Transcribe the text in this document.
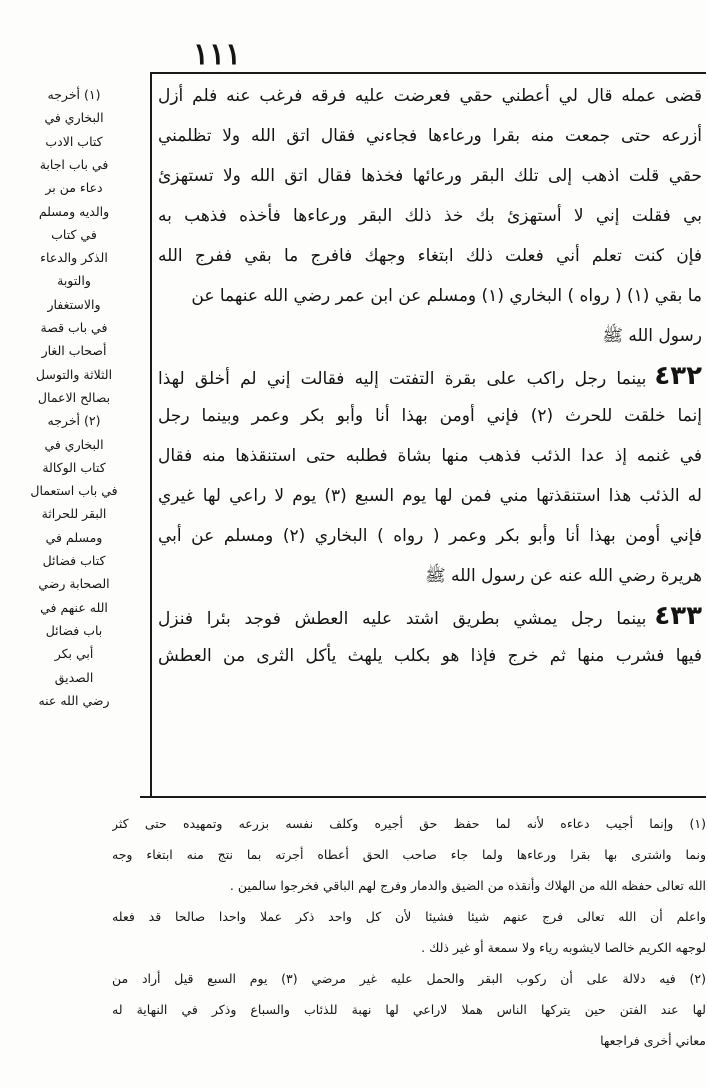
١١١
قضى عمله قال لي أعطني حقي فعرضت عليه فرقه فرغب عنه فلم أزل
أزرعه حتى جمعت منه بقرا ورعاءها فجاءني فقال اتق الله ولا تظلمني
حقي قلت اذهب إلى تلك البقر ورعائها فخذها فقال اتق الله ولا تستهزئ
بي فقلت إني لا أستهزئ بك خذ ذلك البقر ورعاءها فأخذه فذهب به
فإن كنت تعلم أني فعلت ذلك ابتغاء وجهك فافرج ما بقي ففرج الله
ما بقي (١) ( رواه ) البخاري (١) ومسلم عن ابن عمر رضي الله عنهما عن
رسول الله ﷺ
٤٣٢بينما رجل راكب على بقرة التفتت إليه فقالت إني لم أخلق لهذا
إنما خلقت للحرث (٢) فإني أومن بهذا أنا وأبو بكر وعمر وبينما رجل
في غنمه إذ عدا الذئب فذهب منها بشاة فطلبه حتى استنقذها منه فقال
له الذئب هذا استنقذتها مني فمن لها يوم السبع (٣) يوم لا راعي لها غيري
فإني أومن بهذا أنا وأبو بكر وعمر ( رواه ) البخاري (٢) ومسلم عن أبي
هريرة رضي الله عنه عن رسول الله ﷺ
٤٣٣بينما رجل يمشي بطريق اشتد عليه العطش فوجد بئرا فنزل
فيها فشرب منها ثم خرج فإذا هو بكلب يلهث يأكل الثرى من العطش
(١) أخرجه
البخاري في
كتاب الادب
في باب اجابة
دعاء من بر
والديه ومسلم
في كتاب
الذكر والدعاء
والتوبة
والاستغفار
في باب قصة
أصحاب الغار
الثلاثة والتوسل
بصالح الاعمال
(٢) أخرجه
البخاري في
كتاب الوكالة
في باب استعمال
البقر للحراثة
ومسلم في
كتاب فضائل
الصحابة رضي
الله عنهم في
باب فضائل
أبي بكر
الصديق
رضي الله عنه
(١) وإنما أجيب دعاءه لأنه لما حفظ حق أجيره وكلف نفسه بزرعه وتمهيده حتى كثر
ونما واشترى بها بقرا ورعاءها ولما جاء صاحب الحق أعطاه أجرته بما نتج منه ابتغاء وجه
الله تعالى حفظه الله من الهلاك وأنقذه من الضيق والدمار وفرج لهم الباقي فخرجوا سالمين .
واعلم أن الله تعالى فرج عنهم شيئا فشيئا لأن كل واحد ذكر عملا واحدا صالحا قد فعله
لوجهه الكريم خالصا لايشوبه رياء ولا سمعة أو غير ذلك .
(٢) فيه دلالة على أن ركوب البقر والحمل عليه غير مرضي (٣) يوم السبع قيل أراد من
لها عند الفتن حين يتركها الناس هملا لاراعي لها نهبة للذئاب والسباع وذكر في النهاية له
معاني أخرى فراجعها
